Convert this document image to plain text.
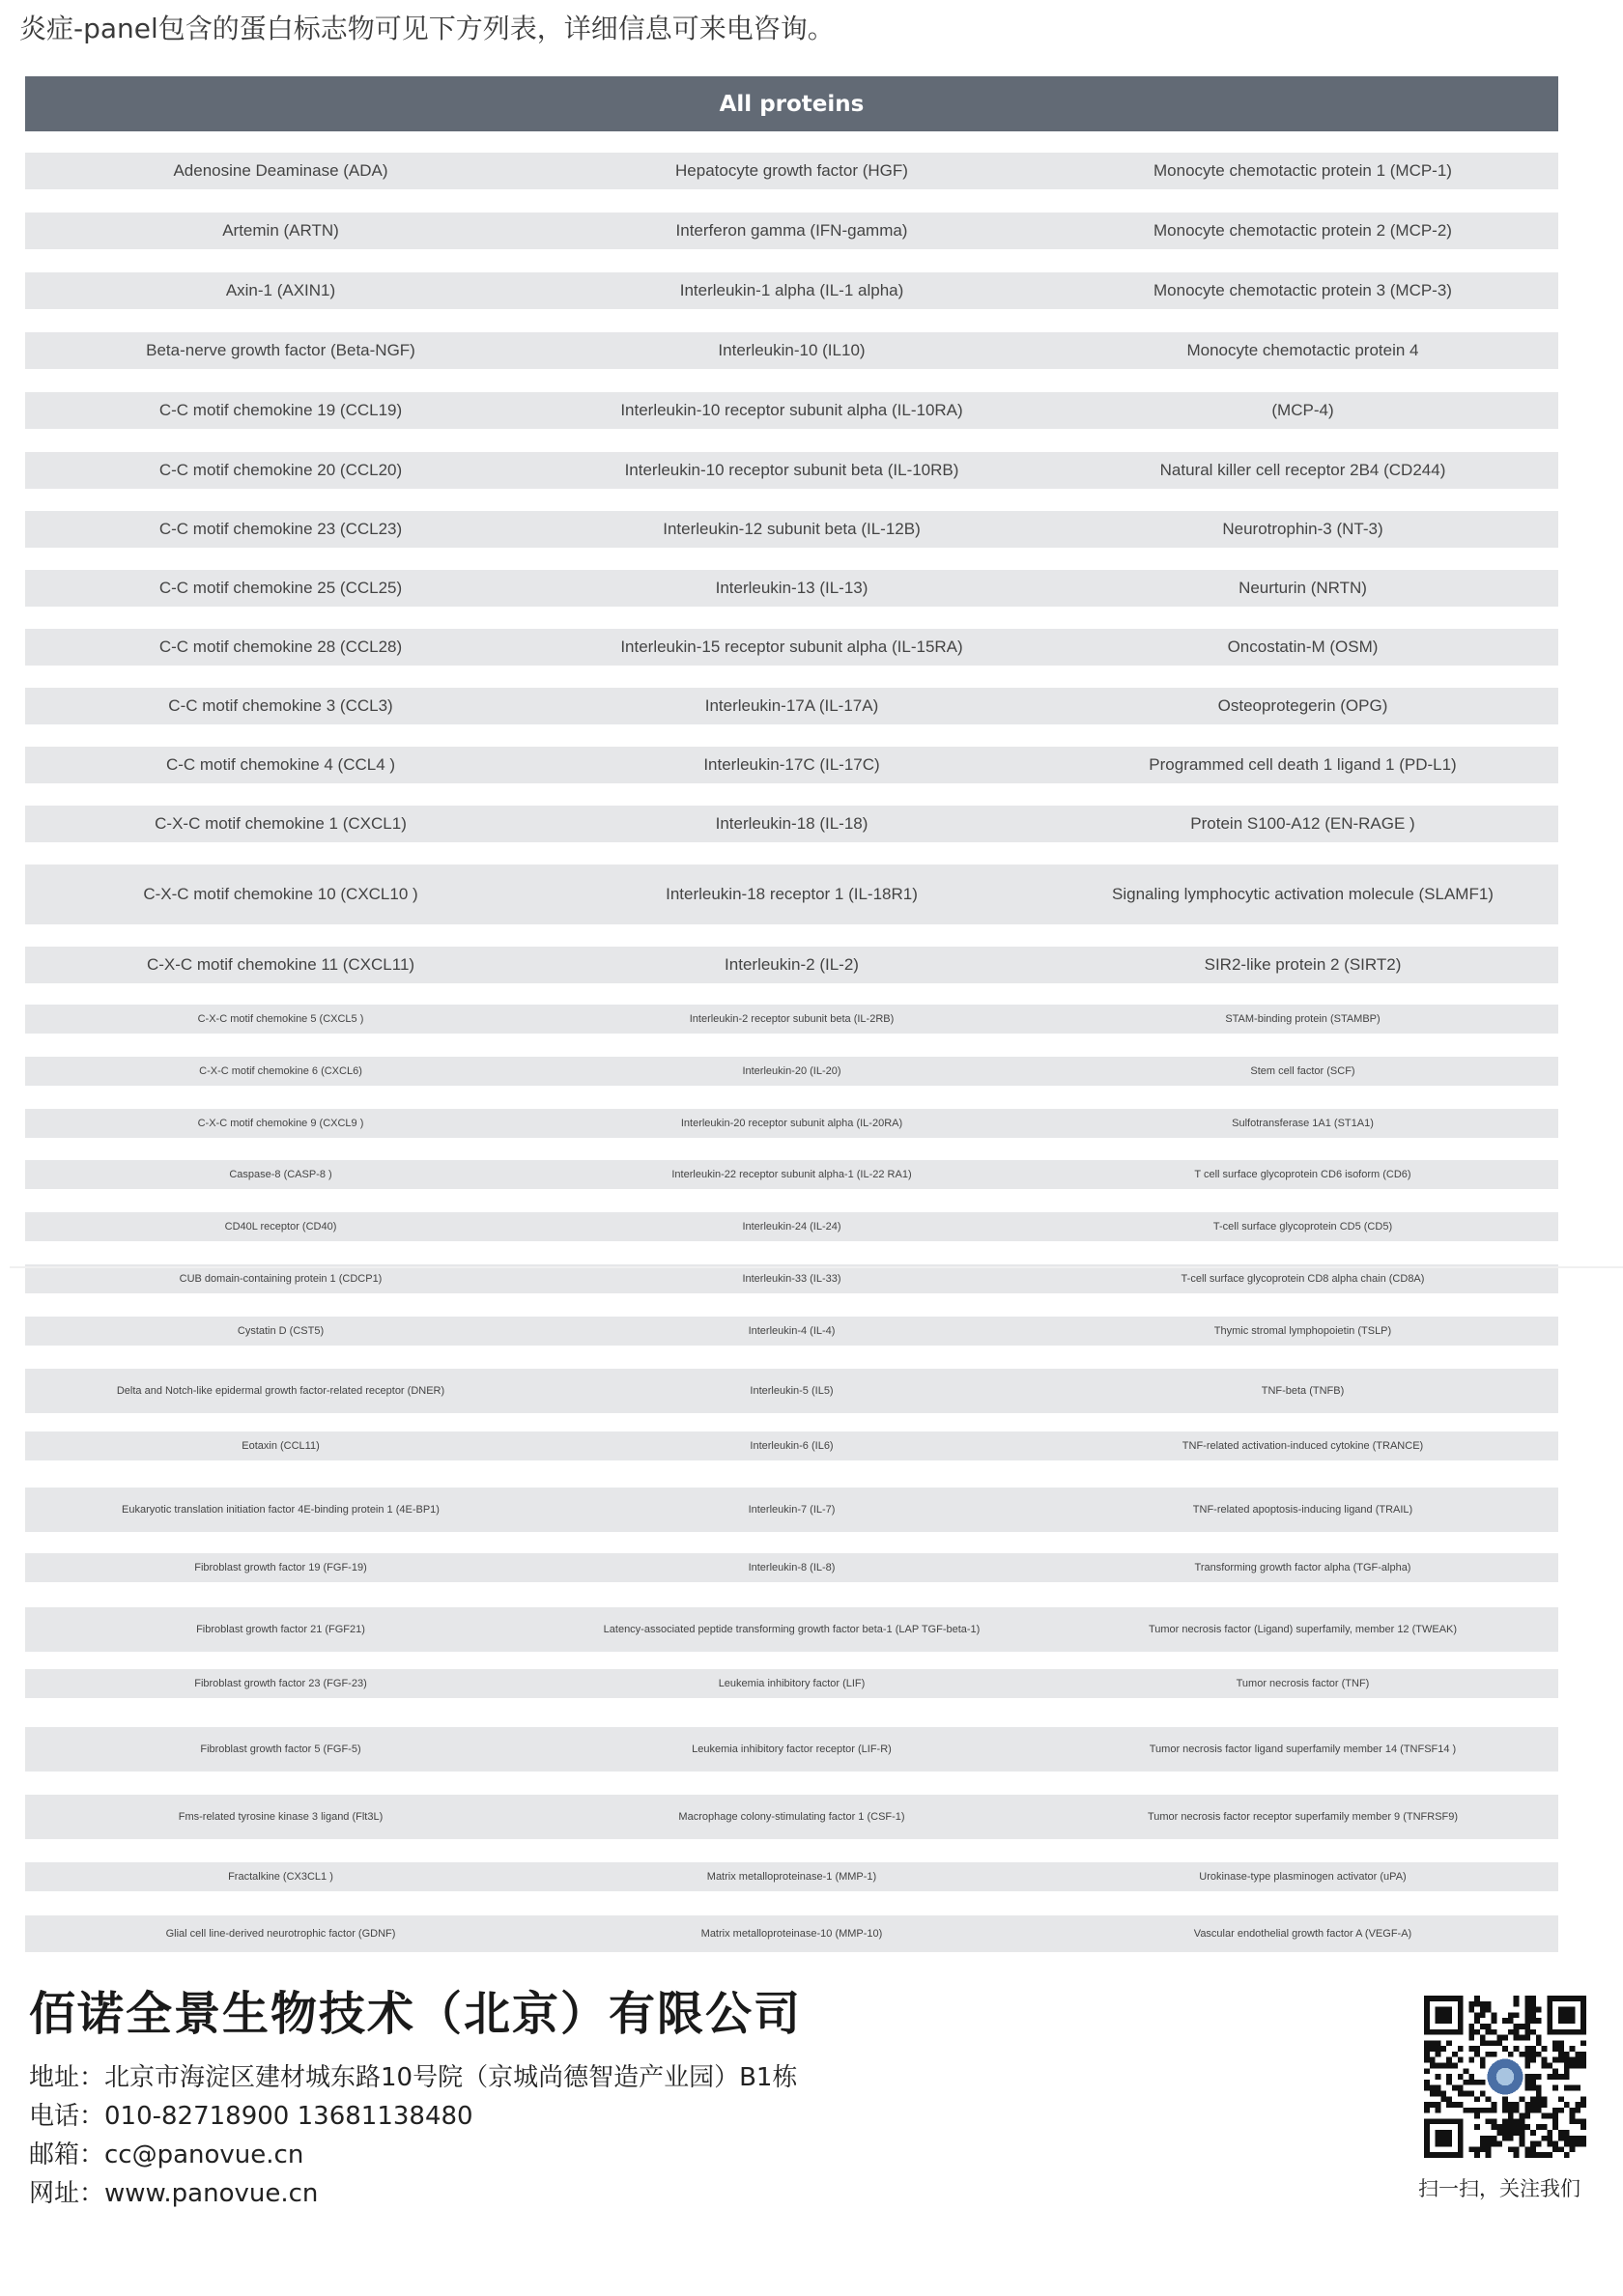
炎症-panel包含的蛋白标志物可见下方列表，详细信息可来电咨询。
All proteins
Adenosine Deaminase (ADA)	Hepatocyte growth factor (HGF)	Monocyte chemotactic protein 1 (MCP-1)
Artemin (ARTN)	Interferon gamma (IFN-gamma)	Monocyte chemotactic protein 2 (MCP-2)
Axin-1 (AXIN1)	Interleukin-1 alpha (IL-1 alpha)	Monocyte chemotactic protein 3 (MCP-3)
Beta-nerve growth factor (Beta-NGF)	Interleukin-10 (IL10)	Monocyte chemotactic protein 4
C-C motif chemokine 19 (CCL19)	Interleukin-10 receptor subunit alpha (IL-10RA)	(MCP-4)
C-C motif chemokine 20 (CCL20)	Interleukin-10 receptor subunit beta (IL-10RB)	Natural killer cell receptor 2B4 (CD244)
C-C motif chemokine 23 (CCL23)	Interleukin-12 subunit beta (IL-12B)	Neurotrophin-3 (NT-3)
C-C motif chemokine 25 (CCL25)	Interleukin-13 (IL-13)	Neurturin (NRTN)
C-C motif chemokine 28 (CCL28)	Interleukin-15 receptor subunit alpha (IL-15RA)	Oncostatin-M (OSM)
C-C motif chemokine 3 (CCL3)	Interleukin-17A (IL-17A)	Osteoprotegerin (OPG)
C-C motif chemokine 4 (CCL4 )	Interleukin-17C (IL-17C)	Programmed cell death 1 ligand 1 (PD-L1)
C-X-C motif chemokine 1 (CXCL1)	Interleukin-18 (IL-18)	Protein S100-A12 (EN-RAGE )
C-X-C motif chemokine 10 (CXCL10 )	Interleukin-18 receptor 1 (IL-18R1)	Signaling lymphocytic activation molecule (SLAMF1)
C-X-C motif chemokine 11 (CXCL11)	Interleukin-2 (IL-2)	SIR2-like protein 2 (SIRT2)
C-X-C motif chemokine 5 (CXCL5 )	Interleukin-2 receptor subunit beta (IL-2RB)	STAM-binding protein (STAMBP)
C-X-C motif chemokine 6 (CXCL6)	Interleukin-20 (IL-20)	Stem cell factor (SCF)
C-X-C motif chemokine 9 (CXCL9 )	Interleukin-20 receptor subunit alpha (IL-20RA)	Sulfotransferase 1A1 (ST1A1)
Caspase-8 (CASP-8 )	Interleukin-22 receptor subunit alpha-1 (IL-22 RA1)	T cell surface glycoprotein CD6 isoform (CD6)
CD40L receptor (CD40)	Interleukin-24 (IL-24)	T-cell surface glycoprotein CD5 (CD5)
CUB domain-containing protein 1 (CDCP1)	Interleukin-33 (IL-33)	T-cell surface glycoprotein CD8 alpha chain (CD8A)
Cystatin D (CST5)	Interleukin-4 (IL-4)	Thymic stromal lymphopoietin (TSLP)
Delta and Notch-like epidermal growth factor-related receptor (DNER)	Interleukin-5 (IL5)	TNF-beta (TNFB)
Eotaxin (CCL11)	Interleukin-6 (IL6)	TNF-related activation-induced cytokine (TRANCE)
Eukaryotic translation initiation factor 4E-binding protein 1 (4E-BP1)	Interleukin-7 (IL-7)	TNF-related apoptosis-inducing ligand (TRAIL)
Fibroblast growth factor 19 (FGF-19)	Interleukin-8 (IL-8)	Transforming growth factor alpha (TGF-alpha)
Fibroblast growth factor 21 (FGF21)	Latency-associated peptide transforming growth factor beta-1 (LAP TGF-beta-1)	Tumor necrosis factor (Ligand) superfamily, member 12 (TWEAK)
Fibroblast growth factor 23 (FGF-23)	Leukemia inhibitory factor (LIF)	Tumor necrosis factor (TNF)
Fibroblast growth factor 5 (FGF-5)	Leukemia inhibitory factor receptor (LIF-R)	Tumor necrosis factor ligand superfamily member 14 (TNFSF14 )
Fms-related tyrosine kinase 3 ligand (Flt3L)	Macrophage colony-stimulating factor 1 (CSF-1)	Tumor necrosis factor receptor superfamily member 9 (TNFRSF9)
Fractalkine (CX3CL1 )	Matrix metalloproteinase-1 (MMP-1)	Urokinase-type plasminogen activator (uPA)
Glial cell line-derived neurotrophic factor (GDNF)	Matrix metalloproteinase-10 (MMP-10)	Vascular endothelial growth factor A (VEGF-A)
佰诺全景生物技术（北京）有限公司
地址：北京市海淀区建材城东路10号院（京城尚德智造产业园）B1栋
电话：010-82718900 13681138480
邮箱：cc@panovue.cn
网址：www.panovue.cn	扫一扫，关注我们
